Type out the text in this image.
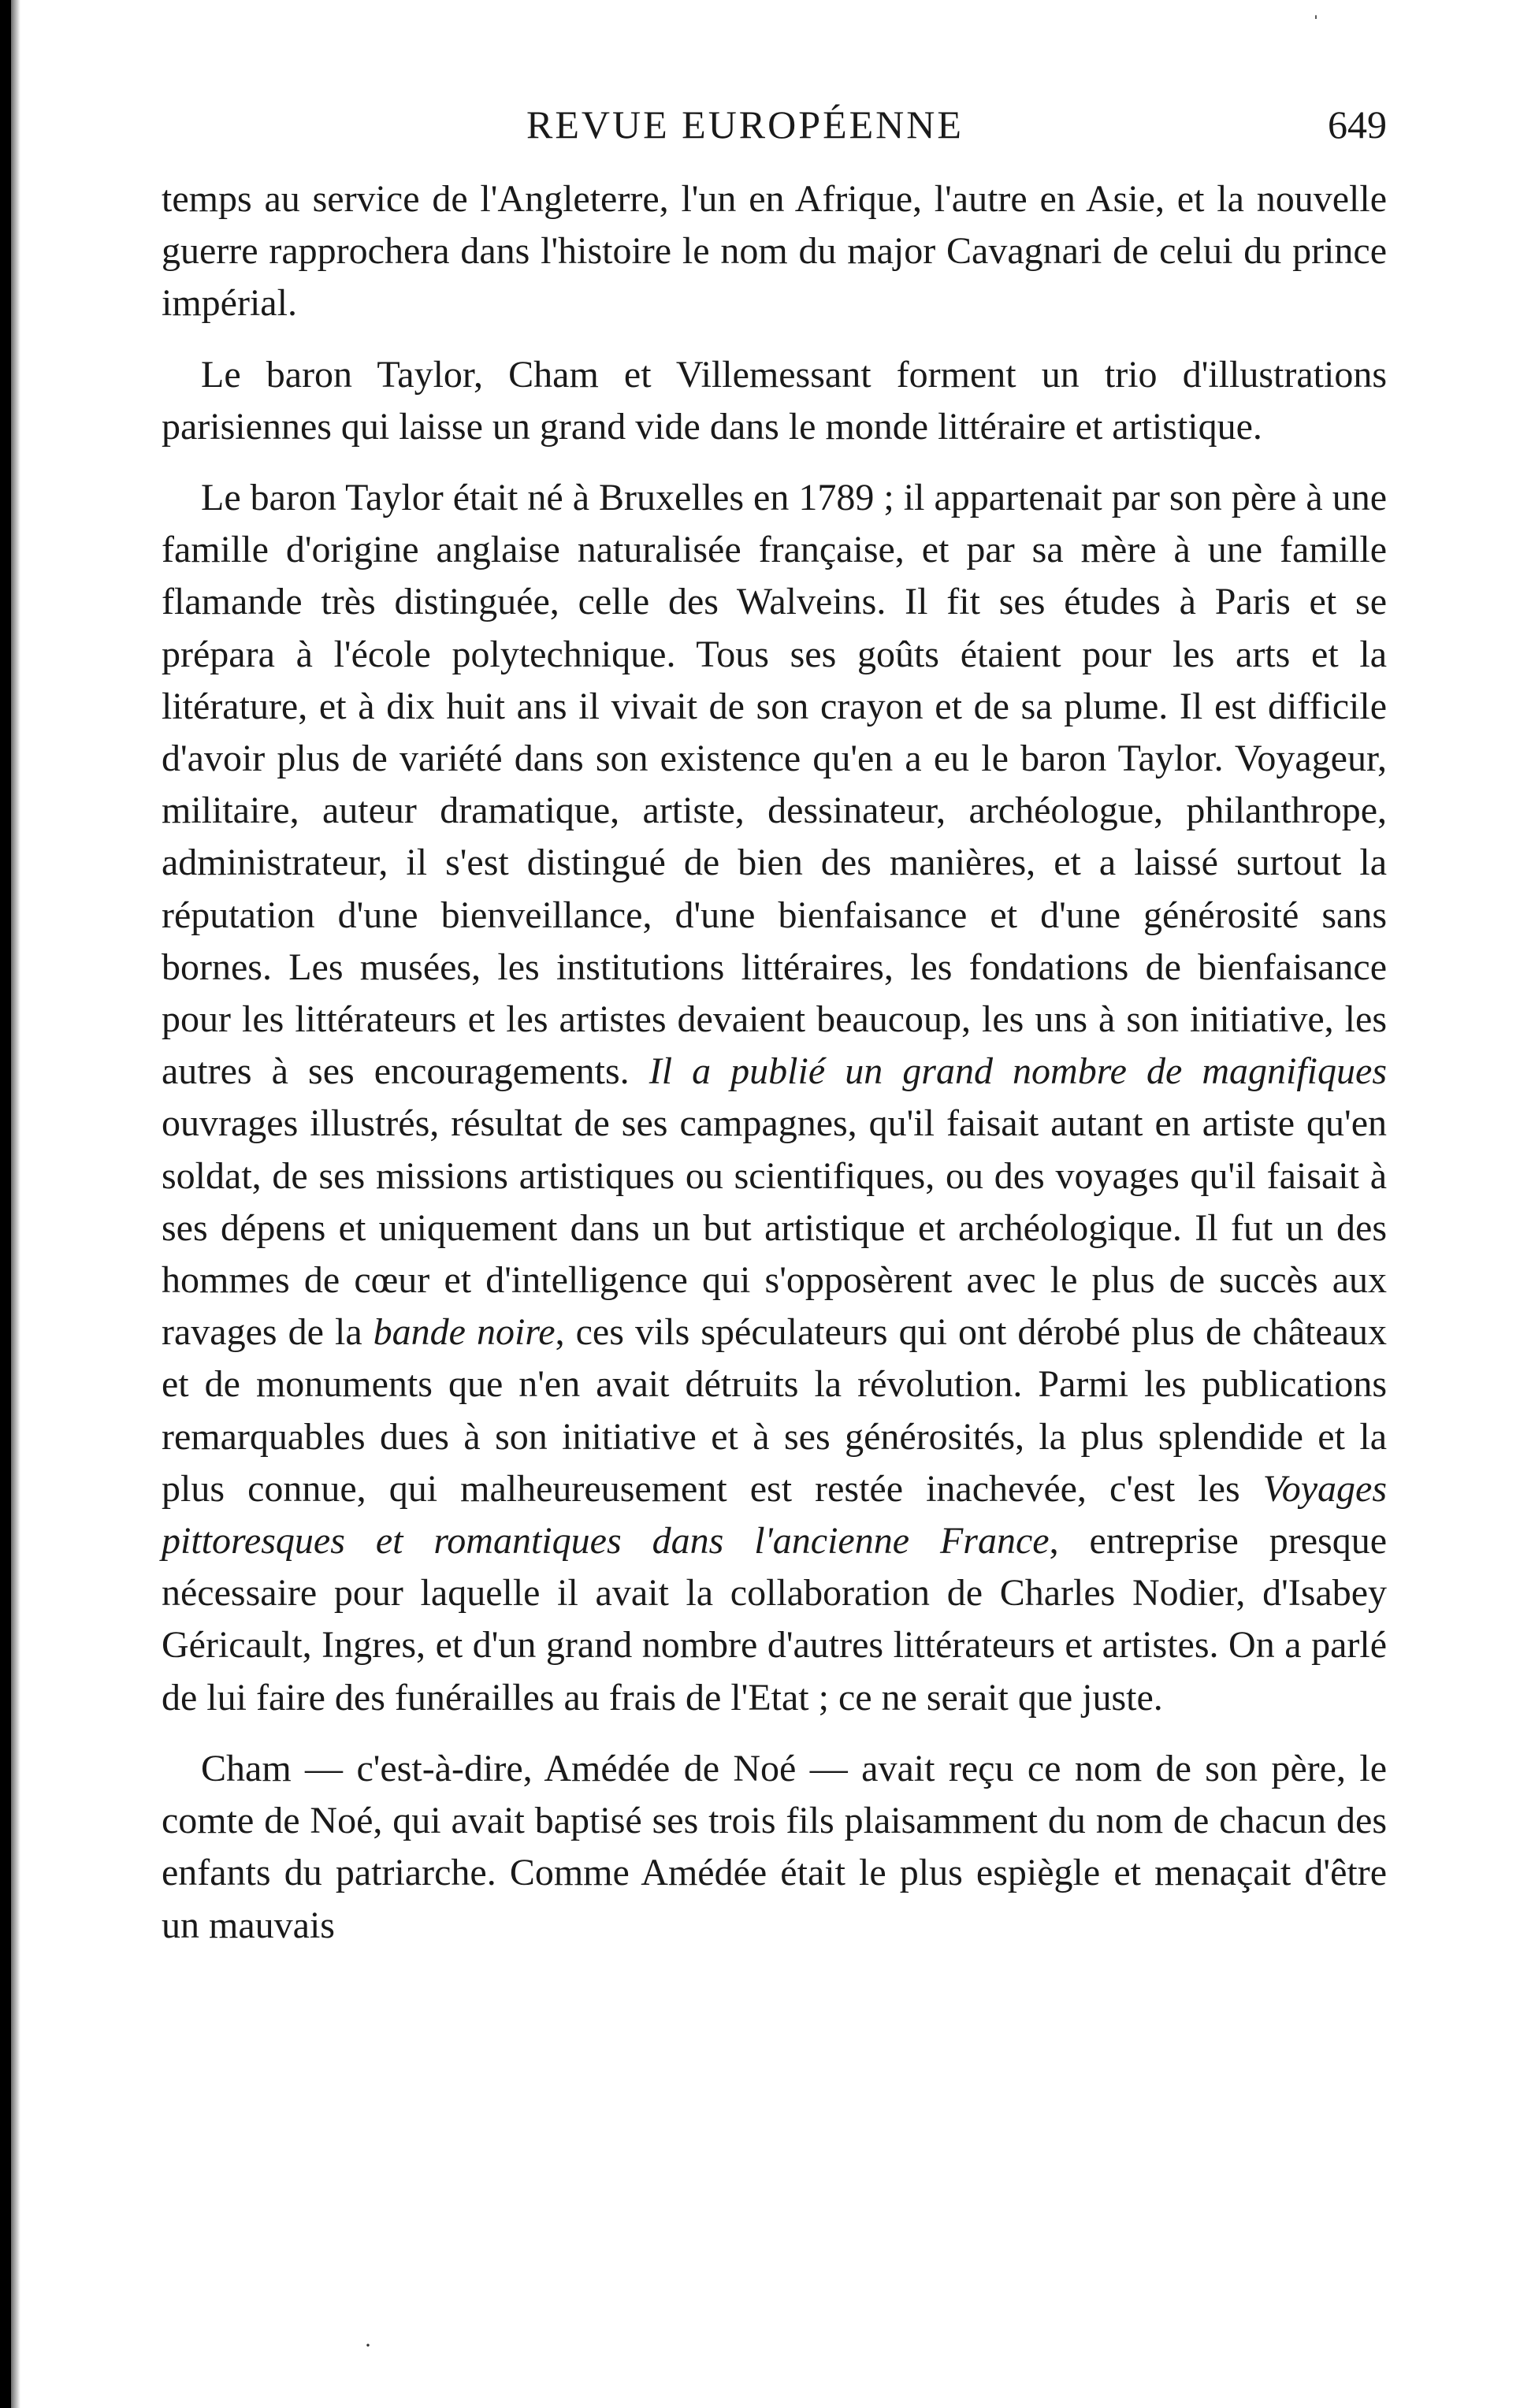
REVUE EUROPÉENNE	649

temps au service de l'Angleterre, l'un en Afrique, l'autre en Asie, et la nouvelle guerre rapprochera dans l'histoire le nom du major Cavagnari de celui du prince impérial.

Le baron Taylor, Cham et Villemessant forment un trio d'illustrations parisiennes qui laisse un grand vide dans le monde littéraire et artistique.

Le baron Taylor était né à Bruxelles en 1789 ; il appartenait par son père à une famille d'origine anglaise naturalisée française, et par sa mère à une famille flamande très distinguée, celle des Walveins. Il fit ses études à Paris et se prépara à l'école polytechnique. Tous ses goûts étaient pour les arts et la litérature, et à dix huit ans il vivait de son crayon et de sa plume. Il est difficile d'avoir plus de variété dans son existence qu'en a eu le baron Taylor. Voyageur, militaire, auteur dramatique, artiste, dessinateur, archéologue, philanthrope, administrateur, il s'est distingué de bien des manières, et a laissé surtout la réputation d'une bienveillance, d'une bienfaisance et d'une générosité sans bornes. Les musées, les institutions littéraires, les fondations de bienfaisance pour les littérateurs et les artistes devaient beaucoup, les uns à son initiative, les autres à ses encouragements. Il a publié un grand nombre de magnifiques ouvrages illustrés, résultat de ses campagnes, qu'il faisait autant en artiste qu'en soldat, de ses missions artistiques ou scientifiques, ou des voyages qu'il faisait à ses dépens et uniquement dans un but artistique et archéologique. Il fut un des hommes de cœur et d'intelligence qui s'opposèrent avec le plus de succès aux ravages de la bande noire, ces vils spéculateurs qui ont dérobé plus de châteaux et de monuments que n'en avait détruits la révolution. Parmi les publications remarquables dues à son initiative et à ses générosités, la plus splendide et la plus connue, qui malheureusement est restée inachevée, c'est les Voyages pittoresques et romantiques dans l'ancienne France, entreprise presque nécessaire pour laquelle il avait la collaboration de Charles Nodier, d'Isabey Géricault, Ingres, et d'un grand nombre d'autres littérateurs et artistes. On a parlé de lui faire des funérailles au frais de l'Etat ; ce ne serait que juste.

Cham — c'est-à-dire, Amédée de Noé — avait reçu ce nom de son père, le comte de Noé, qui avait baptisé ses trois fils plaisamment du nom de chacun des enfants du patriarche. Comme Amédée était le plus espiègle et menaçait d'être un mauvais

ˈ
·
